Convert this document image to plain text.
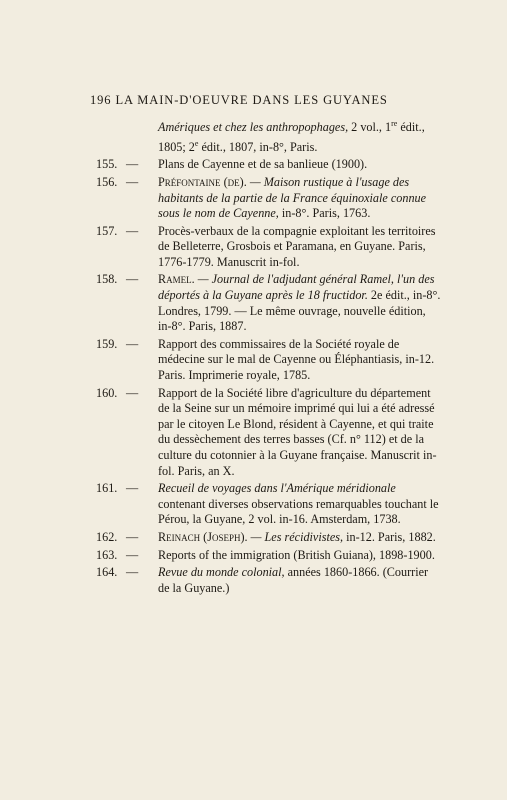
196 LA MAIN-D'OEUVRE DANS LES GUYANES
Amériques et chez les anthropophages, 2 vol., 1re édit., 1805; 2e édit., 1807, in-8°, Paris.
155. —	Plans de Cayenne et de sa banlieue (1900).
156. —	Préfontaine (de). — Maison rustique à l'usage des habitants de la partie de la France équinoxiale connue sous le nom de Cayenne, in-8°. Paris, 1763.
157. —	Procès-verbaux de la compagnie exploitant les territoires de Belleterre, Grosbois et Paramana, en Guyane. Paris, 1776-1779. Manuscrit in-fol.
158. —	Ramel. — Journal de l'adjudant général Ramel, l'un des déportés à la Guyane après le 18 fructidor. 2e édit., in-8°. Londres, 1799. — Le même ouvrage, nouvelle édition, in-8°. Paris, 1887.
159. —	Rapport des commissaires de la Société royale de médecine sur le mal de Cayenne ou Éléphantiasis, in-12. Paris. Imprimerie royale, 1785.
160. —	Rapport de la Société libre d'agriculture du département de la Seine sur un mémoire imprimé qui lui a été adressé par le citoyen Le Blond, résident à Cayenne, et qui traite du dessèchement des terres basses (Cf. n° 112) et de la culture du cotonnier à la Guyane française. Manuscrit in-fol. Paris, an X.
161. —	Recueil de voyages dans l'Amérique méridionale contenant diverses observations remarquables touchant le Pérou, la Guyane, 2 vol. in-16. Amsterdam, 1738.
162. —	Reinach (Joseph). — Les récidivistes, in-12. Paris, 1882.
163. —	Reports of the immigration (British Guiana), 1898-1900.
164. —	Revue du monde colonial, années 1860-1866. (Courrier de la Guyane.)
